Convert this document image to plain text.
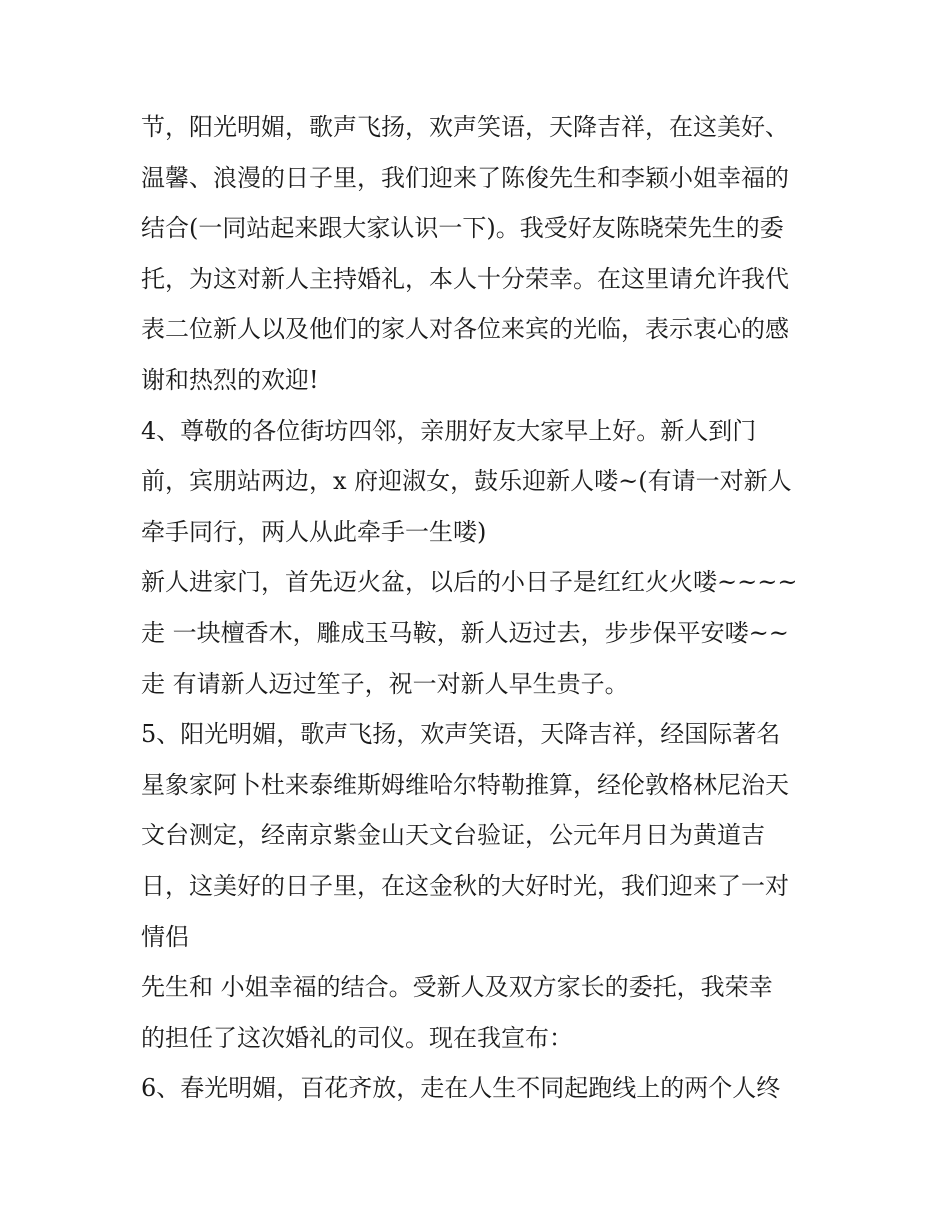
节，阳光明媚，歌声飞扬，欢声笑语，天降吉祥，在这美好、
温馨、浪漫的日子里，我们迎来了陈俊先生和李颖小姐幸福的
结合(一同站起来跟大家认识一下)。我受好友陈晓荣先生的委
托，为这对新人主持婚礼，本人十分荣幸。在这里请允许我代
表二位新人以及他们的家人对各位来宾的光临，表示衷心的感
谢和热烈的欢迎!
4、尊敬的各位街坊四邻，亲朋好友大家早上好。新人到门
前，宾朋站两边，x 府迎淑女，鼓乐迎新人喽~(有请一对新人
牵手同行，两人从此牵手一生喽)
新人进家门，首先迈火盆，以后的小日子是红红火火喽~~~~
走 一块檀香木，雕成玉马鞍，新人迈过去，步步保平安喽~~
走 有请新人迈过笙子，祝一对新人早生贵子。
5、阳光明媚，歌声飞扬，欢声笑语，天降吉祥，经国际著名
星象家阿卜杜来泰维斯姆维哈尔特勒推算，经伦敦格林尼治天
文台测定，经南京紫金山天文台验证，公元年月日为黄道吉
日，这美好的日子里，在这金秋的大好时光，我们迎来了一对
情侣
先生和 小姐幸福的结合。受新人及双方家长的委托，我荣幸
的担任了这次婚礼的司仪。现在我宣布：
6、春光明媚，百花齐放，走在人生不同起跑线上的两个人终
